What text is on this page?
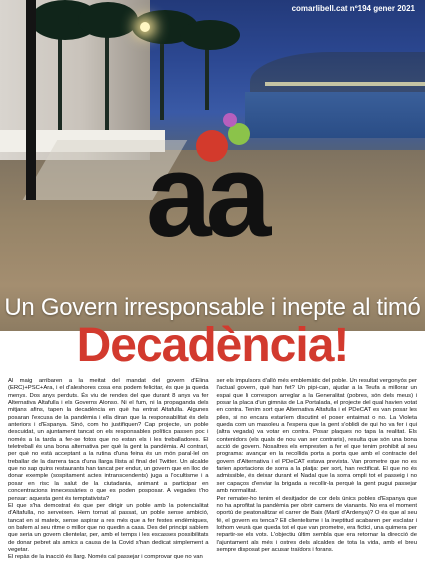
comarlibell.cat nº194 gener 2021
aa
Un Govern irresponsable i inepte al timó
Decadència!

Al maig arribaren a la meitat del mandat del govern d'Elina (ERC)+PSC+Ara, i el d'aleshores cosa ens podem felicitar, és que ja queda menys. Dos anys perduts. És viu de rendes del que durant 8 anys va fer Alternativa Altafulla i els Governs Alonso. Ni el fum, ni la propaganda dels mitjans afins, tapen la decadència en què ha entrat Altafulla. Algunes posaran l'excusa de la pandèmia i ella diran que la responsabilitat és dels anteriors i d'Espanya. Sinó, com ho justifiquen? Cap projecte, un poble descuidat, un ajuntament tancat on els responsables polítics passen poc i només a la tarda a fer-se fotos que no estan els i les treballadores. El teletreball és una bona alternativa per què la gent la pandèmia. Al contrari, per què no està acceptant a la rutina d'una feina és un món paral·lel on treballar de la darrera taca d'una llarga llista al final del Twitter. Un alcalde que no sap quins restaurants han tancat per endur, un govern que en lloc de donar exemple (sospitament actes intranscendents) juga a l'ocultisme i a posar en risc la salut de la ciutadania, animant a participar en concentracions innecessàries o que es poden posposar. A vegades t'ho pensar: aquesta gent és temptativista?

El que s'ha demostrat és que per dirigir un poble amb la potencialitat d'Altafulla, no serveixen. Hem tornat al passat, un poble sense ambició, tancat en si mateix, sense aspirar a res més que a fer festes endèmiques, on bafem al seu ritme o millor que no quedin a casa. Des del principi sabíem que seria un govern clientelar, per, amb el temps i les escasses possibilitats de donar pebret als amics a causa de la Covid s'han dedicat simplement a vegetar.

El repàs de la inacció és llarg. Només cal passejar i comprovar que no van

ser els impulsors d'allò més emblemàtic del poble. Un resultat vergonyós per l'actual govern, què han fet? Un pipi-can, ajudar a la Teufa a millorar un espai que li correspon arreglar a la Generalitat (pobres, són dels meus) i posar la placa d'un gimnàs de La Portalada, el projecte del qual havien votat en contra. Tenim sort que Alternativa Altafulla i el PDeCAT es van posar les piles, si no encara estaríem discutint el poser entaimat o no. La Violeta queda com un masoleu a l'espera que la gent s'oblidi de qui ho va fer i qui (altra vegada) va votar en contra. Posar plaques no tapa la realitat. Els contenidors (els quals de nou van ser contraris), resulta que són una bona acció de govern. Nosaltres els empresten a fer el que tenim prohibit al seu programa: avançar en la recollida porta a porta que amb el contracte del govern d'Alternativa i el PDeCAT estava prevista. Van prometre que no es farien aportacions de sorra a la platja: per sort, han rectificat. El que no és admissible, és deixar durant el Nadal que la sorra ompli tot el passeig i no ser capaços d'enviar la brigada a recollir-la perquè la gent pugui passejar amb normalitat.

Per remater-ho tenim el desitjador de cor dels únics pobles d'Espanya que no ha aprofitat la pandèmia per obrir camers de vianants. No era el moment oportú de peatonalitzar el carrer de Baix (Martí d'Ardenya)? O és que al seu fé, el govern es tenca? Ell clientelisme i la ineptitud acabaren per esclatar i lothom veurà que queda tot el que van prometre, era fictici, una quimera per repartir-se els vots. L'objectiu últim sembla que era retornar la direcció de l'ajuntament als més i ostres dels alcaldes de tota la vida, amb el breu sempre disposat per acusar traïdors i forans.
